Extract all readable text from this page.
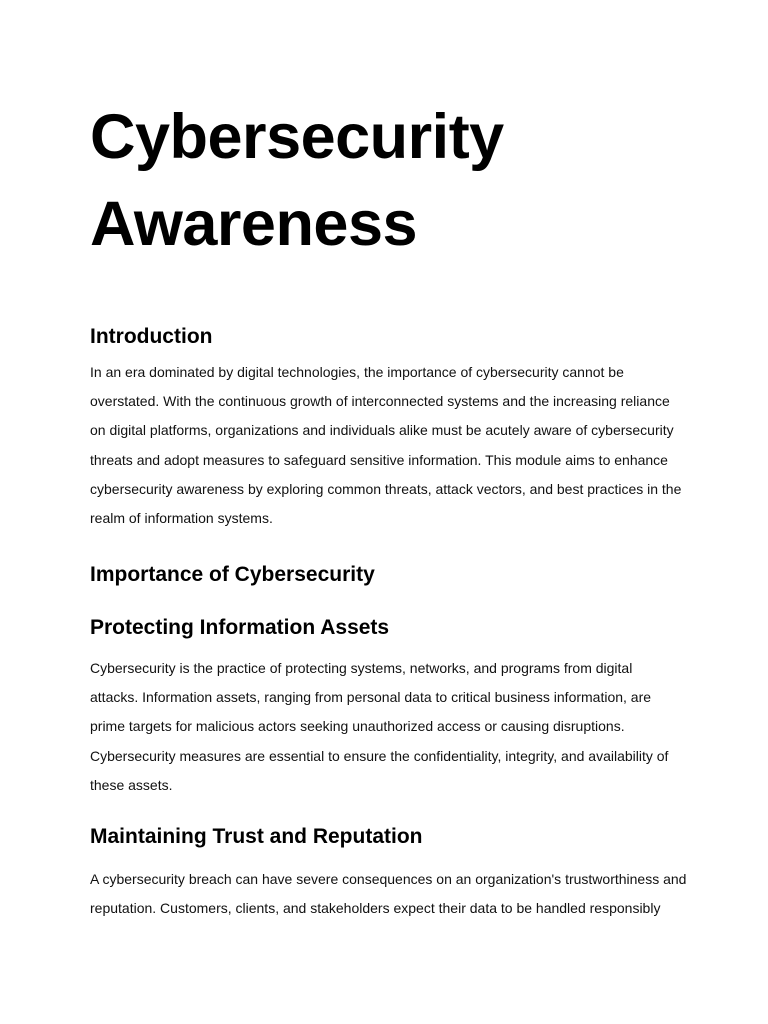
Cybersecurity
Awareness
Introduction

In an era dominated by digital technologies, the importance of cybersecurity cannot be
overstated. With the continuous growth of interconnected systems and the increasing reliance
on digital platforms, organizations and individuals alike must be acutely aware of cybersecurity
threats and adopt measures to safeguard sensitive information. This module aims to enhance
cybersecurity awareness by exploring common threats, attack vectors, and best practices in the
realm of information systems.

Importance of Cybersecurity
Protecting Information Assets

Cybersecurity is the practice of protecting systems, networks, and programs from digital
attacks. Information assets, ranging from personal data to critical business information, are
prime targets for malicious actors seeking unauthorized access or causing disruptions.
Cybersecurity measures are essential to ensure the confidentiality, integrity, and availability of
these assets.

Maintaining Trust and Reputation

A cybersecurity breach can have severe consequences on an organization's trustworthiness and
reputation. Customers, clients, and stakeholders expect their data to be handled responsibly
